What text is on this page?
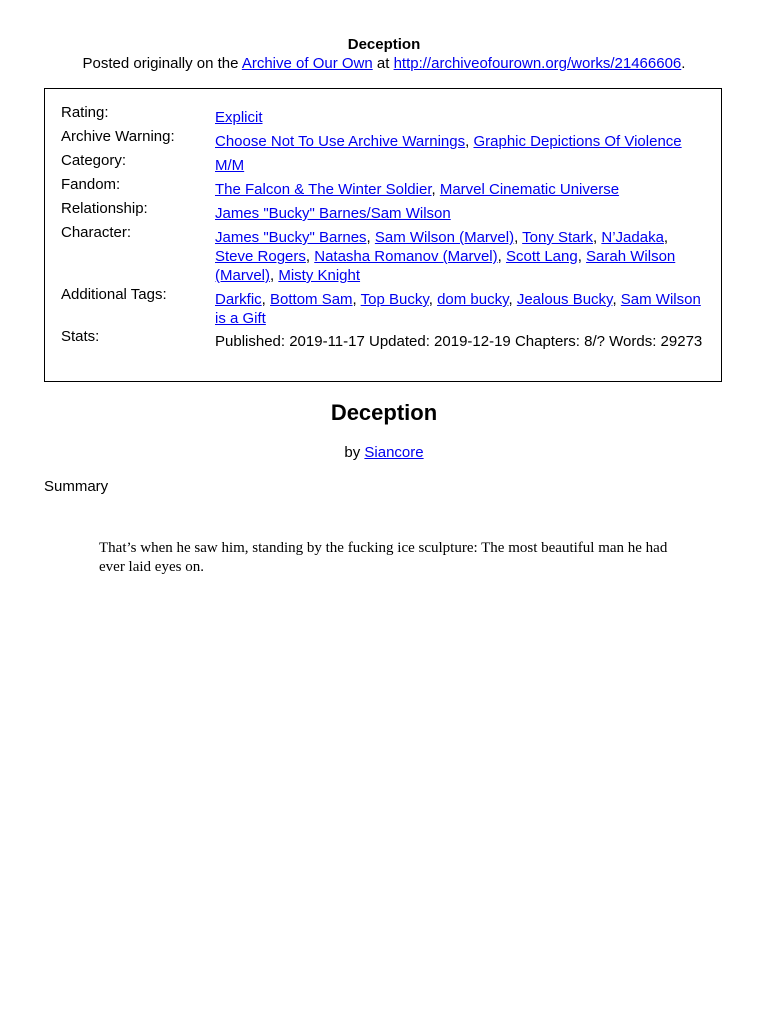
Deception
Posted originally on the Archive of Our Own at http://archiveofourown.org/works/21466606.
Rating:	Explicit
Archive Warning:	Choose Not To Use Archive Warnings, Graphic Depictions Of Violence
Category:	M/M
Fandom:	The Falcon & The Winter Soldier, Marvel Cinematic Universe
Relationship:	James "Bucky" Barnes/Sam Wilson
Character:	James "Bucky" Barnes, Sam Wilson (Marvel), Tony Stark, N’Jadaka, Steve Rogers, Natasha Romanov (Marvel), Scott Lang, Sarah Wilson (Marvel), Misty Knight
Additional Tags:	Darkfic, Bottom Sam, Top Bucky, dom bucky, Jealous Bucky, Sam Wilson is a Gift
Stats:	Published: 2019-11-17 Updated: 2019-12-19 Chapters: 8/? Words: 29273
Deception
by Siancore
Summary
That’s when he saw him, standing by the fucking ice sculpture: The most beautiful man he had ever laid eyes on.
